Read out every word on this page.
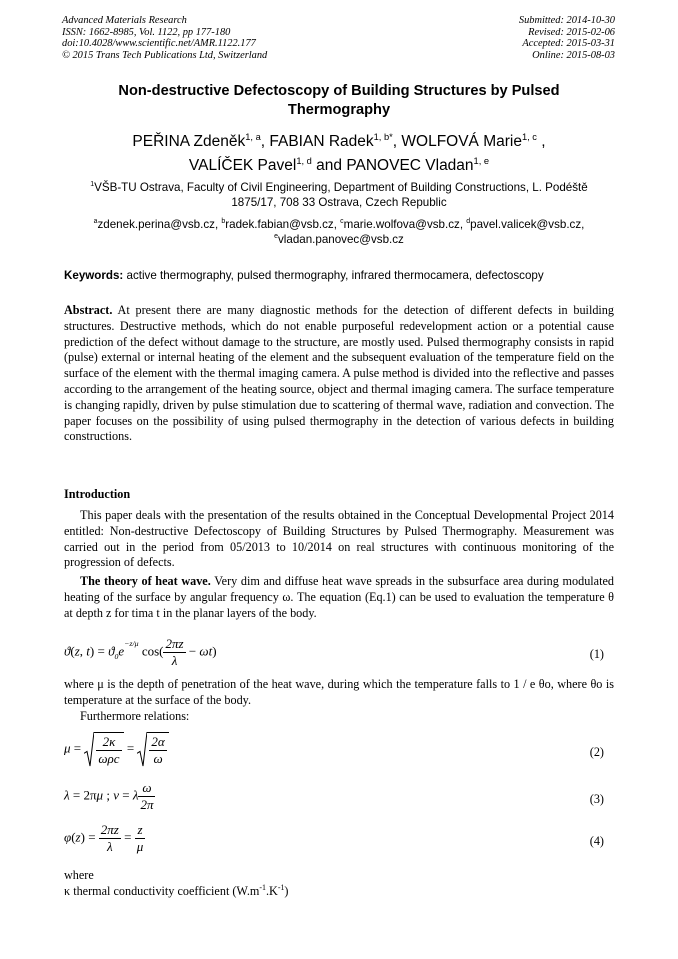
Advanced Materials Research
ISSN: 1662-8985, Vol. 1122, pp 177-180
doi:10.4028/www.scientific.net/AMR.1122.177
© 2015 Trans Tech Publications Ltd, Switzerland
Submitted: 2014-10-30
Revised: 2015-02-06
Accepted: 2015-03-31
Online: 2015-08-03
Non-destructive Defectoscopy of Building Structures by Pulsed
Thermography
PEŘINA Zdeněk$^{1, a}$, FABIAN Radek$^{1, b*}$, WOLFOVÁ Marie$^{1, c}$ ,
VALÍČEK Pavel$^{1, d}$ and PANOVEC Vladan$^{1, e}$
$^1$VŠB-TU Ostrava, Faculty of Civil Engineering, Department of Building Constructions, L. Podéště
1875/17, 708 33 Ostrava, Czech Republic
$^a$zdenek.perina@vsb.cz, $^b$radek.fabian@vsb.cz, $^c$marie.wolfova@vsb.cz, $^d$pavel.valicek@vsb.cz,
$^e$vladan.panovec@vsb.cz
Keywords: active thermography, pulsed thermography, infrared thermocamera, defectoscopy
Abstract. At present there are many diagnostic methods for the detection of different defects in building structures. Destructive methods, which do not enable purposeful redevelopment action or a potential cause prediction of the defect without damage to the structure, are mostly used. Pulsed thermography consists in rapid (pulse) external or internal heating of the element and the subsequent evaluation of the temperature field on the surface of the element with the thermal imaging camera. A pulse method is divided into the reflective and passes according to the arrangement of the heating source, object and thermal imaging camera. The surface temperature is changing rapidly, driven by pulse stimulation due to scattering of thermal wave, radiation and convection. The paper focuses on the possibility of using pulsed thermography in the detection of various defects in building constructions.
Introduction
This paper deals with the presentation of the results obtained in the Conceptual Developmental Project 2014 entitled: Non-destructive Defectoscopy of Building Structures by Pulsed Thermography. Measurement was carried out in the period from 05/2013 to 10/2014 on real structures with continuous monitoring of the progression of defects.
The theory of heat wave. Very dim and diffuse heat wave spreads in the subsurface area during modulated heating of the surface by angular frequency ω. The equation (Eq.1) can be used to evaluation the temperature θ at depth z for tima t in the planar layers of the body.
ϑ(z, $t) = ϑ_0e^{-z/\mu}$ $\cos( \frac{2\pi z}{\lambda} - \omega t)$	(1)
where μ is the depth of penetration of the heat wave, during which the temperature falls to 1 / e θo, where θo is temperature at the surface of the body.
Furthermore relations:
$\mu = \frac{2\kappa}{\text{ωρc}} = \frac{2\alpha}{\omega}$	(2)
λ = 2πμ ; ν = λ $\frac{\omega}{2\pi}$	(3)
$\varphi(z) = \frac{2\pi z}{\lambda} = \frac{z}{\mu}$	(4)
where
κ thermal conductivity coefficient $(W.m^{-1}.K^{-1})$
